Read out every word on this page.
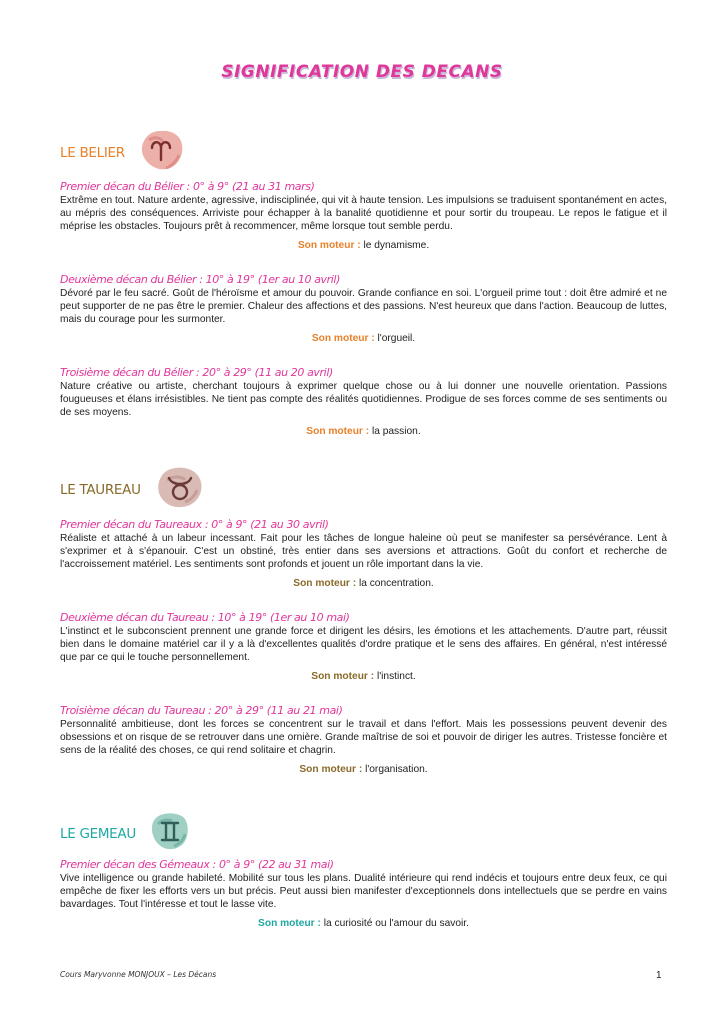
SIGNIFICATION DES DECANS
LE BELIER
Premier décan du Bélier : 0° à 9° (21 au 31 mars)
Extrême en tout. Nature ardente, agressive, indisciplinée, qui vit à haute tension. Les impulsions se traduisent spontanément en actes, au mépris des conséquences. Arriviste pour échapper à la banalité quotidienne et pour sortir du troupeau. Le repos le fatigue et il méprise les obstacles. Toujours prêt à recommencer, même lorsque tout semble perdu.
Son moteur : le dynamisme.
Deuxième décan du Bélier : 10° à 19° (1er au 10 avril)
Dévoré par le feu sacré. Goût de l'héroïsme et amour du pouvoir. Grande confiance en soi. L'orgueil prime tout : doit être admiré et ne peut supporter de ne pas être le premier. Chaleur des affections et des passions. N'est heureux que dans l'action. Beaucoup de luttes, mais du courage pour les surmonter.
Son moteur : l'orgueil.
Troisième décan du Bélier : 20° à 29° (11 au 20 avril)
Nature créative ou artiste, cherchant toujours à exprimer quelque chose ou à lui donner une nouvelle orientation. Passions fougueuses et élans irrésistibles. Ne tient pas compte des réalités quotidiennes. Prodigue de ses forces comme de ses sentiments ou de ses moyens.
Son moteur : la passion.
LE TAUREAU
Premier décan du Taureaux : 0° à 9° (21 au 30 avril)
Réaliste et attaché à un labeur incessant. Fait pour les tâches de longue haleine où peut se manifester sa persévérance. Lent à s'exprimer et à s'épanouir. C'est un obstiné, très entier dans ses aversions et attractions. Goût du confort et recherche de l'accroissement matériel. Les sentiments sont profonds et jouent un rôle important dans la vie.
Son moteur : la concentration.
Deuxième décan du Taureau : 10° à 19° (1er au 10 mai)
L'instinct et le subconscient prennent une grande force et dirigent les désirs, les émotions et les attachements. D'autre part, réussit bien dans le domaine matériel car il y a là d'excellentes qualités d'ordre pratique et le sens des affaires. En général, n'est intéressé que par ce qui le touche personnellement.
Son moteur : l'instinct.
Troisième décan du Taureau : 20° à 29° (11 au 21 mai)
Personnalité ambitieuse, dont les forces se concentrent sur le travail et dans l'effort. Mais les possessions peuvent devenir des obsessions et on risque de se retrouver dans une ornière. Grande maîtrise de soi et pouvoir de diriger les autres. Tristesse foncière et sens de la réalité des choses, ce qui rend solitaire et chagrin.
Son moteur : l'organisation.
LE GEMEAU
Premier décan des Gémeaux : 0° à 9° (22 au 31 mai)
Vive intelligence ou grande habileté. Mobilité sur tous les plans. Dualité intérieure qui rend indécis et toujours entre deux feux, ce qui empêche de fixer les efforts vers un but précis. Peut aussi bien manifester d'exceptionnels dons intellectuels que se perdre en vains bavardages. Tout l'intéresse et tout le lasse vite.
Son moteur : la curiosité ou l'amour du savoir.
Cours Maryvonne MONJOUX – Les Décans	1
